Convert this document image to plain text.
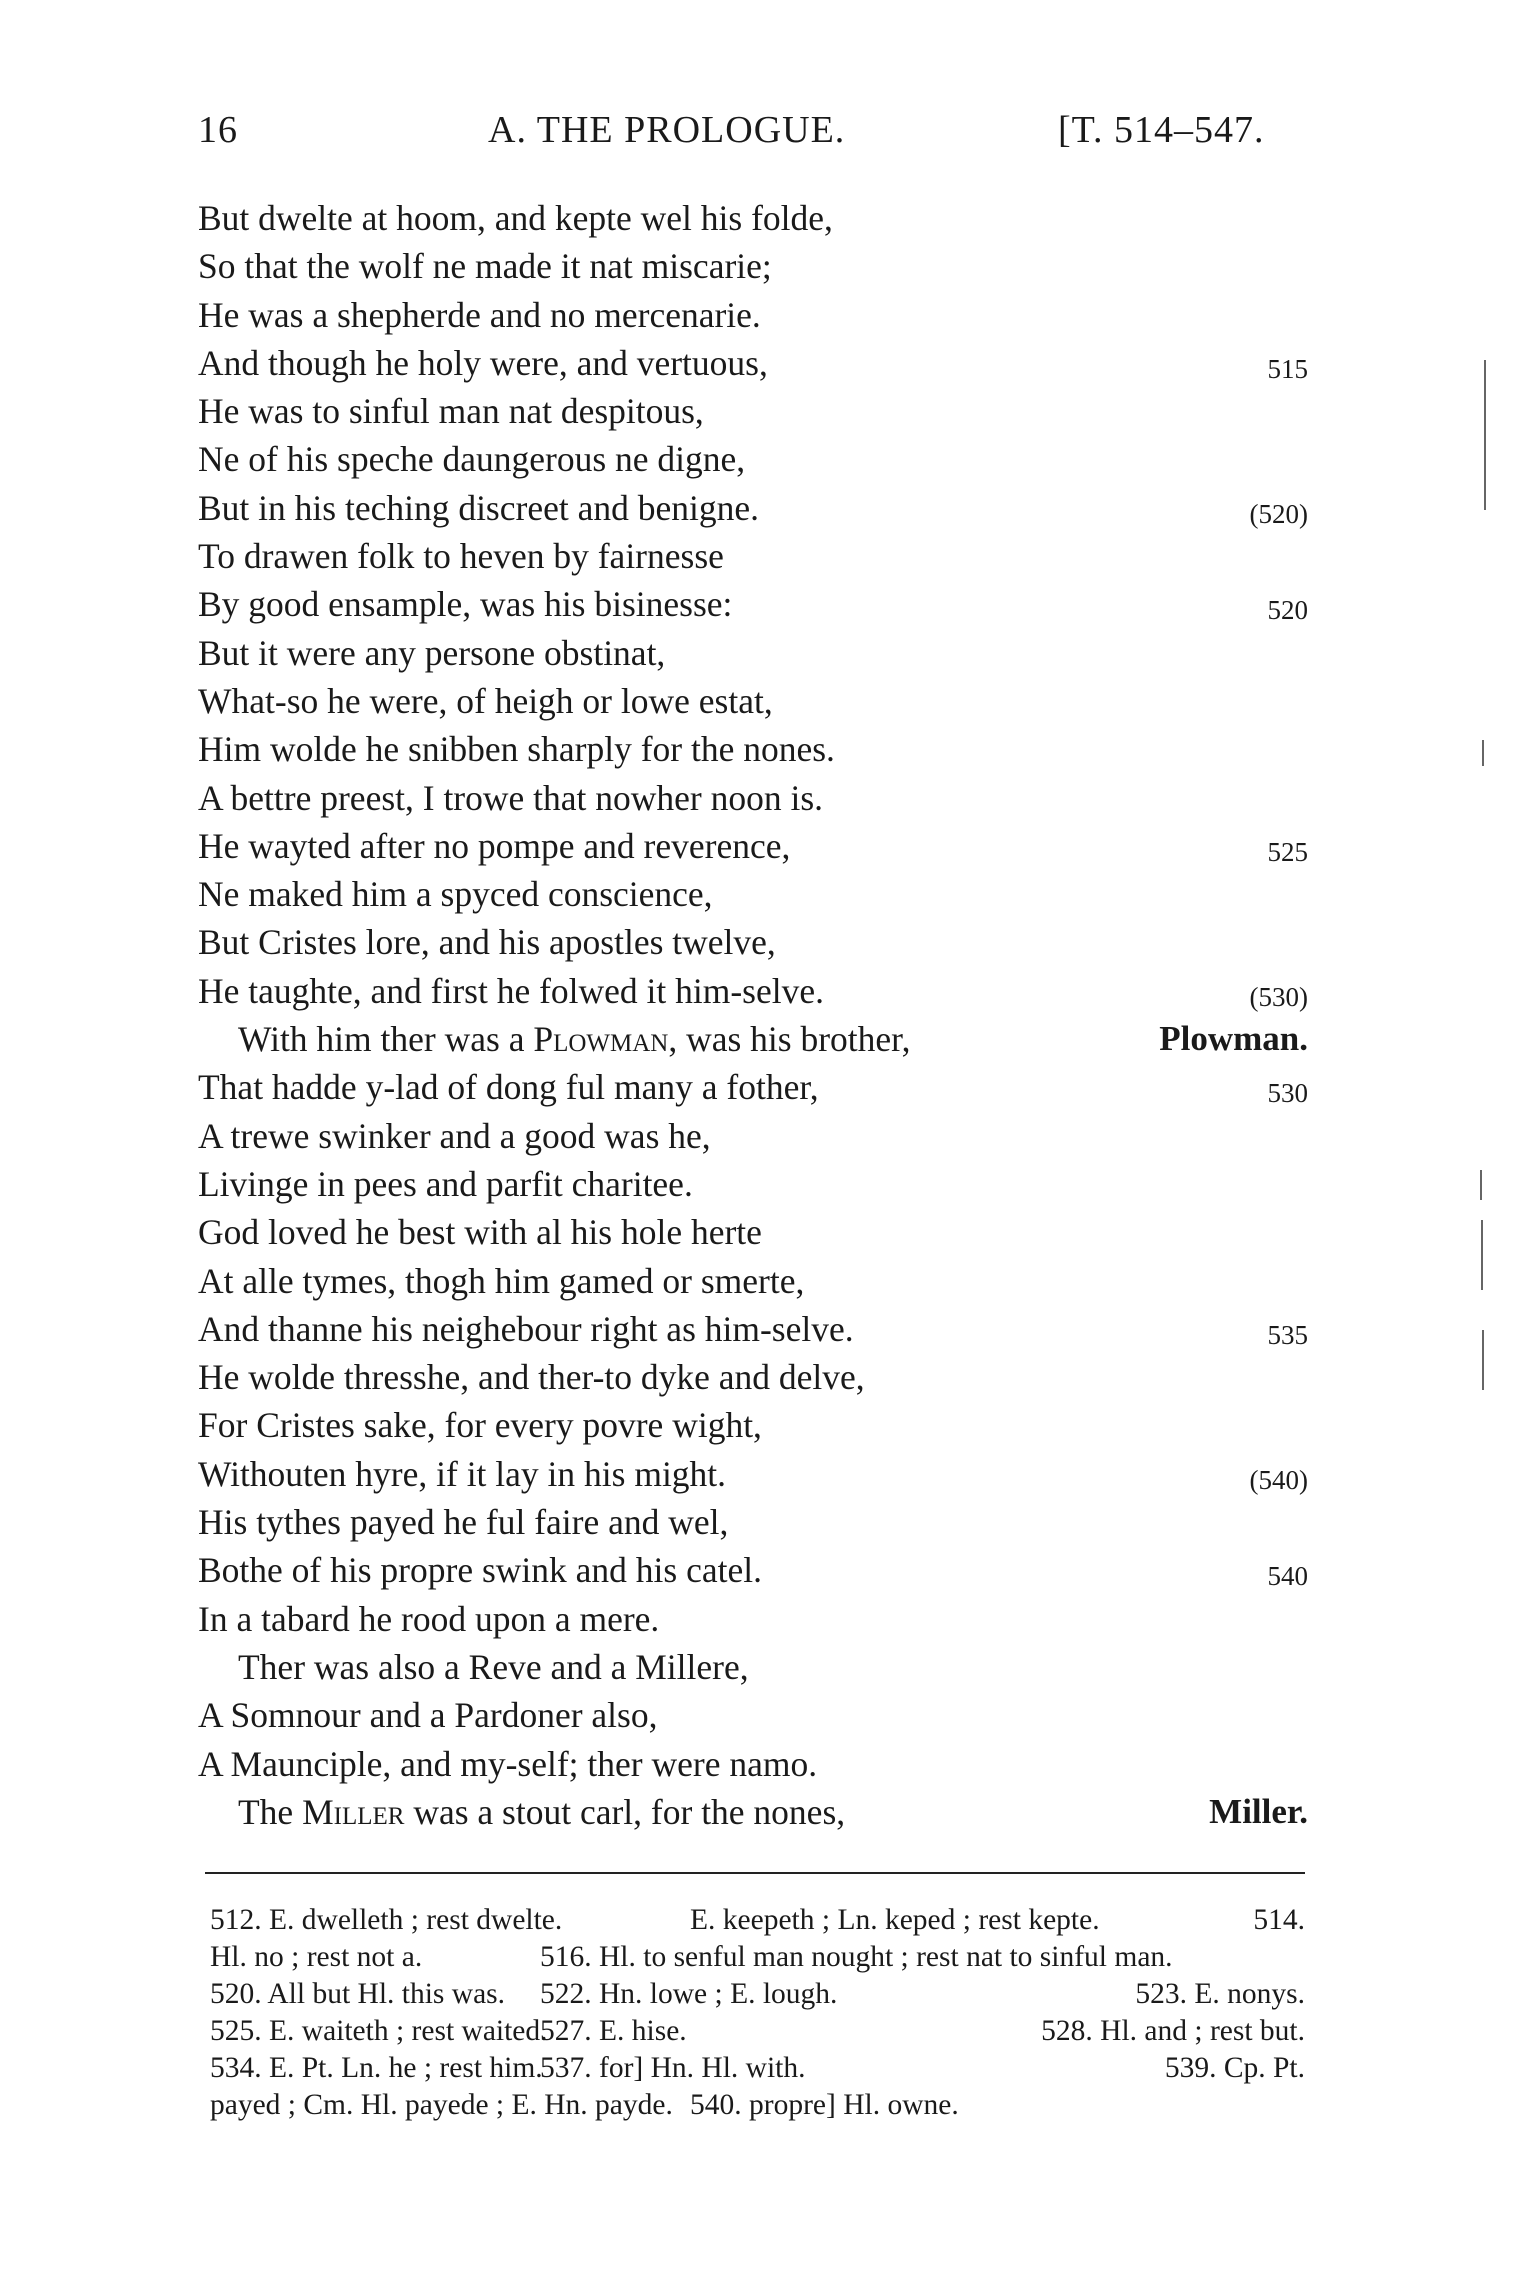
16	A. THE PROLOGUE.	[T. 514–547.
But dwelte at hoom, and kepte wel his folde,
So that the wolf ne made it nat miscarie;
He was a shepherde and no mercenarie.
And though he holy were, and vertuous,	515
He was to sinful man nat despitous,
Ne of his speche daungerous ne digne,
But in his teching discreet and benigne.	(520)
To drawen folk to heven by fairnesse
By good ensample, was his bisinesse:	520
But it were any persone obstinat,
What-so he were, of heigh or lowe estat,
Him wolde he snibben sharply for the nones.
A bettre preest, I trowe that nowher noon is.
He wayted after no pompe and reverence,	525
Ne maked him a spyced conscience,
But Cristes lore, and his apostles twelve,
He taughte, and first he folwed it him-selve.	(530)
With him ther was a Plowman, was his brother,	Plowman.
That hadde y-lad of dong ful many a fother,	530
A trewe swinker and a good was he,
Livinge in pees and parfit charitee.
God loved he best with al his hole herte
At alle tymes, thogh him gamed or smerte,
And thanne his neighebour right as him-selve.	535
He wolde thresshe, and ther-to dyke and delve,
For Cristes sake, for every povre wight,
Withouten hyre, if it lay in his might.	(540)
His tythes payed he ful faire and wel,
Bothe of his propre swink and his catel.	540
In a tabard he rood upon a mere.
Ther was also a Reve and a Millere,
A Somnour and a Pardoner also,
A Maunciple, and my-self; ther were namo.
The Miller was a stout carl, for the nones,	Miller.
512. E. dwelleth ; rest dwelte.	E. keepeth ; Ln. keped ; rest kepte.	514.
Hl. no ; rest not a.	516. Hl. to senful man nought ; rest nat to sinful man.
520. All but Hl. this was. 522. Hn. lowe ; E. lough.	523. E. nonys.
525. E. waiteth ; rest waited.
527. E. hise.	528. Hl. and ; rest but.
534. E. Pt. Ln. he ; rest him.
537. for] Hn. Hl. with.	539. Cp. Pt.
payed ; Cm. Hl. payede ; E. Hn. payde. 540. propre] Hl. owne.
